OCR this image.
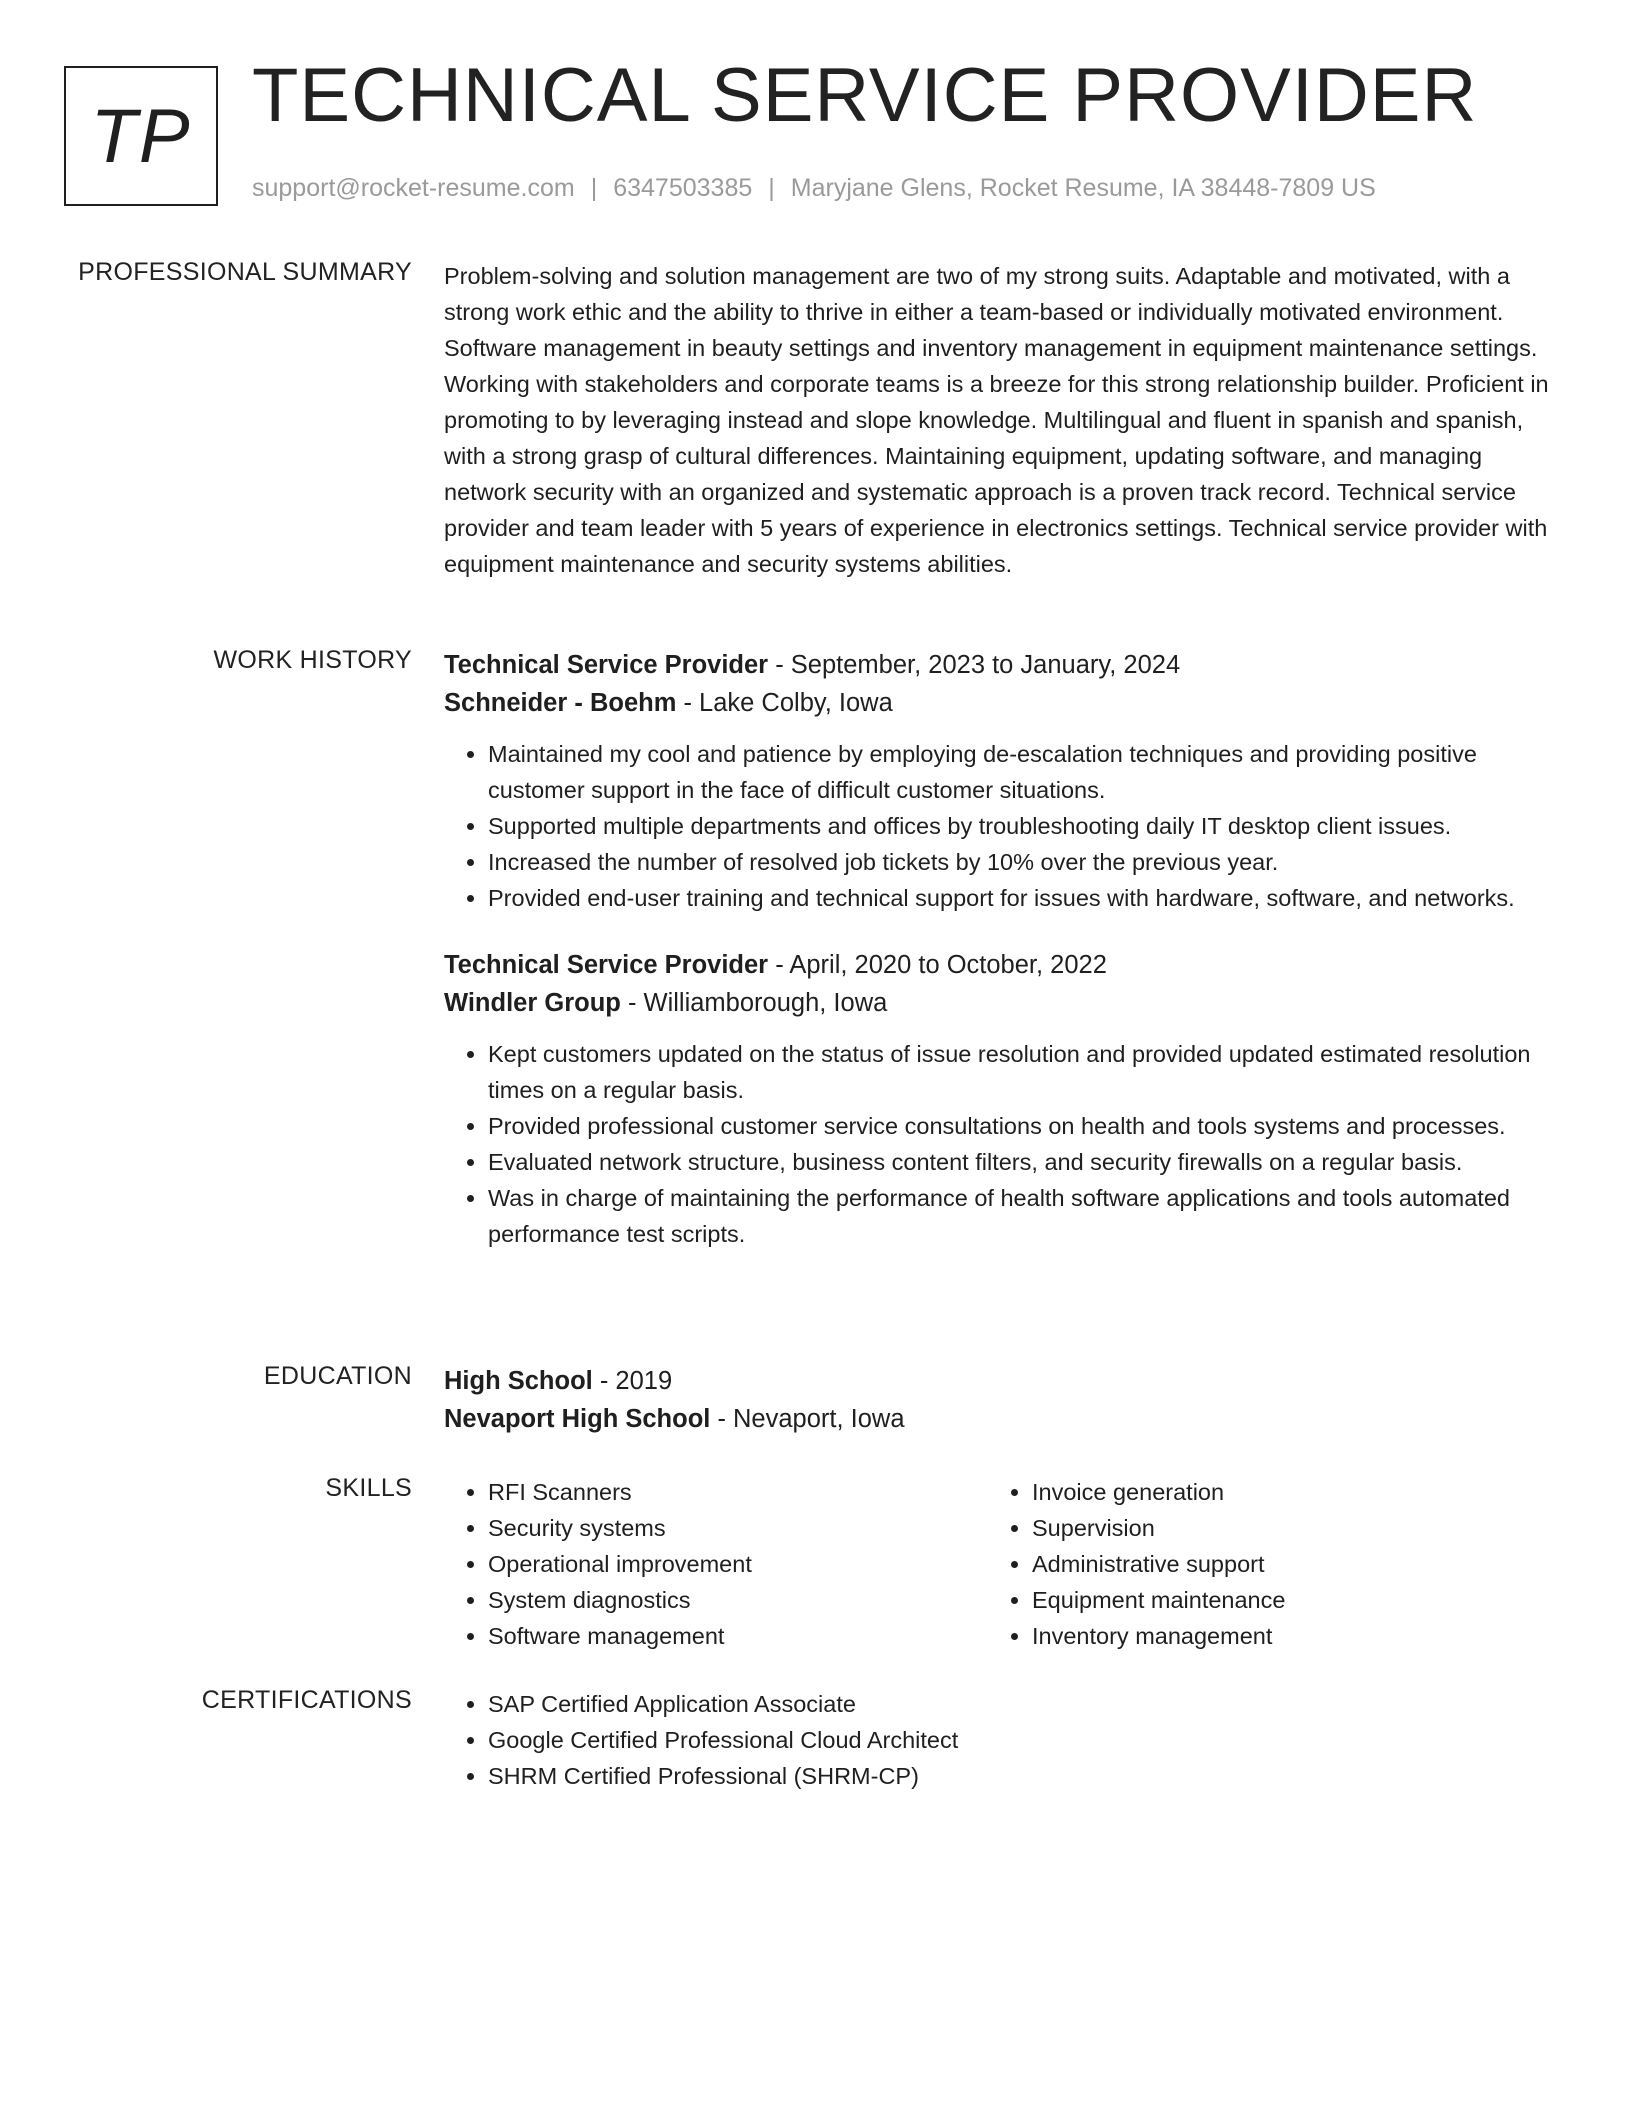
TP TECHNICAL SERVICE PROVIDER
support@rocket-resume.com | 6347503385 | Maryjane Glens, Rocket Resume, IA 38448-7809 US
PROFESSIONAL SUMMARY Problem-solving and solution management are two of my strong suits. Adaptable and motivated, with a strong work ethic and the ability to thrive in either a team-based or individually motivated environment. Software management in beauty settings and inventory management in equipment maintenance settings. Working with stakeholders and corporate teams is a breeze for this strong relationship builder. Proficient in promoting to by leveraging instead and slope knowledge. Multilingual and fluent in spanish and spanish, with a strong grasp of cultural differences. Maintaining equipment, updating software, and managing network security with an organized and systematic approach is a proven track record. Technical service provider and team leader with 5 years of experience in electronics settings. Technical service provider with equipment maintenance and security systems abilities.

WORK HISTORY Technical Service Provider - September, 2023 to January, 2024
Schneider - Boehm - Lake Colby, Iowa
• Maintained my cool and patience by employing de-escalation techniques and providing positive customer support in the face of difficult customer situations.
• Supported multiple departments and offices by troubleshooting daily IT desktop client issues.
• Increased the number of resolved job tickets by 10% over the previous year.
• Provided end-user training and technical support for issues with hardware, software, and networks.
Technical Service Provider - April, 2020 to October, 2022
Windler Group - Williamborough, Iowa
• Kept customers updated on the status of issue resolution and provided updated estimated resolution times on a regular basis.
• Provided professional customer service consultations on health and tools systems and processes.
• Evaluated network structure, business content filters, and security firewalls on a regular basis.
• Was in charge of maintaining the performance of health software applications and tools automated performance test scripts.
EDUCATION High School - 2019
Nevaport High School - Nevaport, Iowa
SKILLS	• RFI Scanners
• Security systems
• Operational improvement
• System diagnostics
• Software management
• Invoice generation
• Supervision
• Administrative support
• Equipment maintenance
• Inventory management
CERTIFICATIONS	• SAP Certified Application Associate
• Google Certified Professional Cloud Architect
• SHRM Certified Professional (SHRM-CP)
